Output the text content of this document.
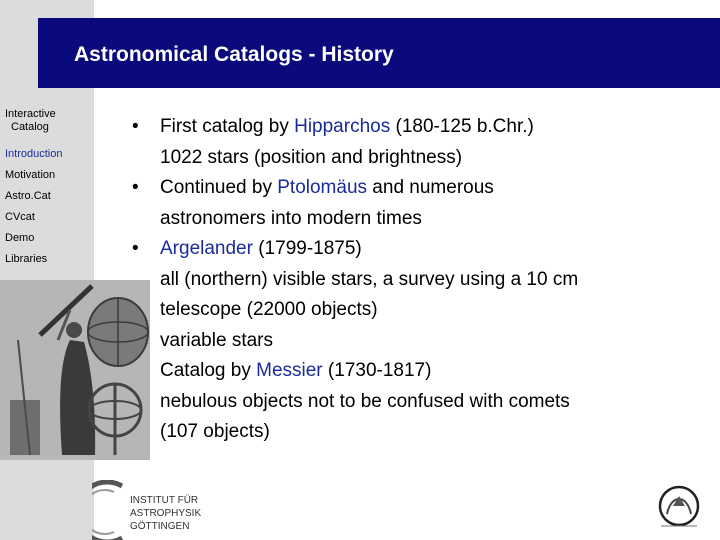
Interactive
Catalog
Introduction
Motivation
Astro.Cat
CVcat
Demo
Libraries
Astronomical Catalogs - History
• First catalog by Hipparchos (180-125 b.Chr.)
1022 stars (position and brightness)
• Continued by Ptolomäus and numerous
astronomers into modern times
• Argelander (1799-1875)
all (northern) visible stars, a survey using a 10 cm
telescope (22000 objects)
variable stars
Catalog by Messier (1730-1817)
nebulous objects not to be confused with comets
(107 objects)
INSTITUT FÜR
ASTROPHYSIK
GÖTTINGEN
